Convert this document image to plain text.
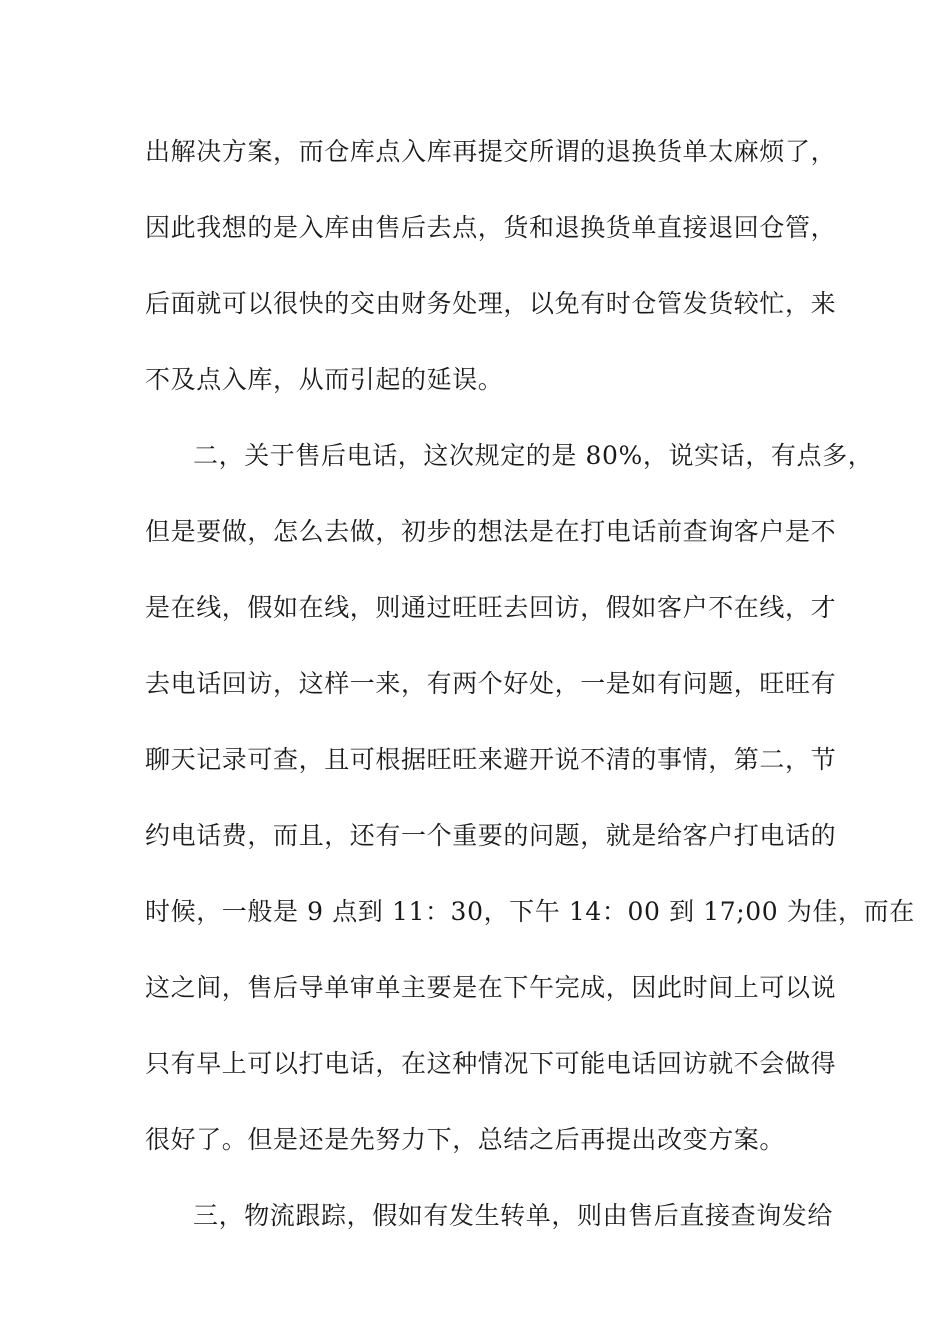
出解决方案，而仓库点入库再提交所谓的退换货单太麻烦了，
因此我想的是入库由售后去点，货和退换货单直接退回仓管，
后面就可以很快的交由财务处理，以免有时仓管发货较忙，来
不及点入库，从而引起的延误。
二，关于售后电话，这次规定的是 80%，说实话，有点多，
但是要做，怎么去做，初步的想法是在打电话前查询客户是不
是在线，假如在线，则通过旺旺去回访，假如客户不在线，才
去电话回访，这样一来，有两个好处，一是如有问题，旺旺有
聊天记录可查，且可根据旺旺来避开说不清的事情，第二，节
约电话费，而且，还有一个重要的问题，就是给客户打电话的
时候，一般是 9 点到 11：30，下午 14：00 到 17;00 为佳，而在
这之间，售后导单审单主要是在下午完成，因此时间上可以说
只有早上可以打电话，在这种情况下可能电话回访就不会做得
很好了。但是还是先努力下，总结之后再提出改变方案。
三，物流跟踪，假如有发生转单，则由售后直接查询发给
